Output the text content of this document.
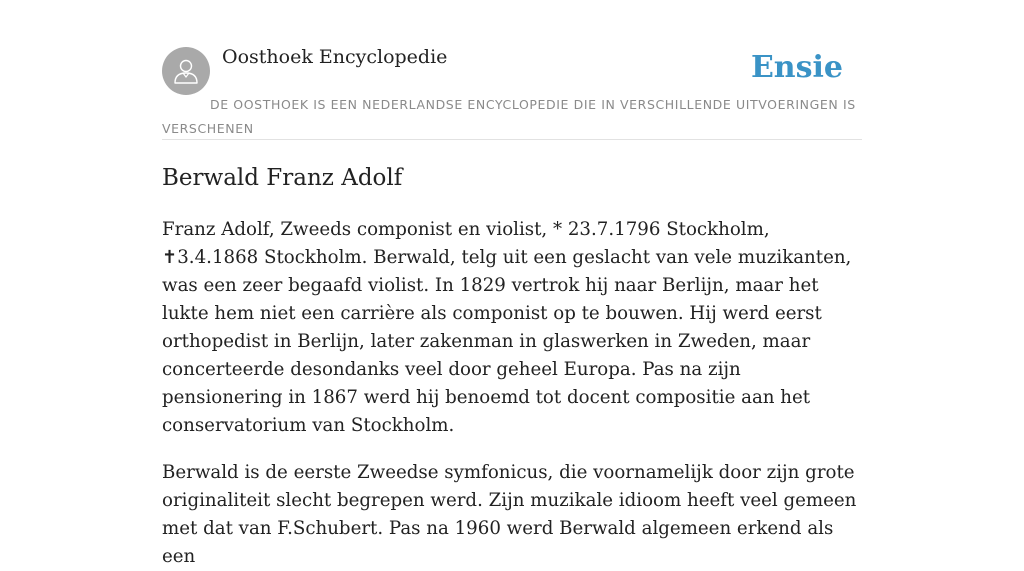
Oosthoek Encyclopedie	Ensie
DE OOSTHOEK IS EEN NEDERLANDSE ENCYCLOPEDIE DIE IN VERSCHILLENDE UITVOERINGEN IS VERSCHENEN
Berwald Franz Adolf

Franz Adolf, Zweeds componist en violist, * 23.7.1796 Stockholm, ✝3.4.1868 Stockholm. Berwald, telg uit een geslacht van vele muzikanten, was een zeer begaafd violist. In 1829 vertrok hij naar Berlijn, maar het lukte hem niet een carrière als componist op te bouwen. Hij werd eerst orthopedist in Berlijn, later zakenman in glaswerken in Zweden, maar concerteerde desondanks veel door geheel Europa. Pas na zijn pensionering in 1867 werd hij benoemd tot docent compositie aan het conservatorium van Stockholm.

Berwald is de eerste Zweedse symfonicus, die voornamelijk door zijn grote originaliteit slecht begrepen werd. Zijn muzikale idioom heeft veel gemeen met dat van F.Schubert. Pas na 1960 werd Berwald algemeen erkend als een
